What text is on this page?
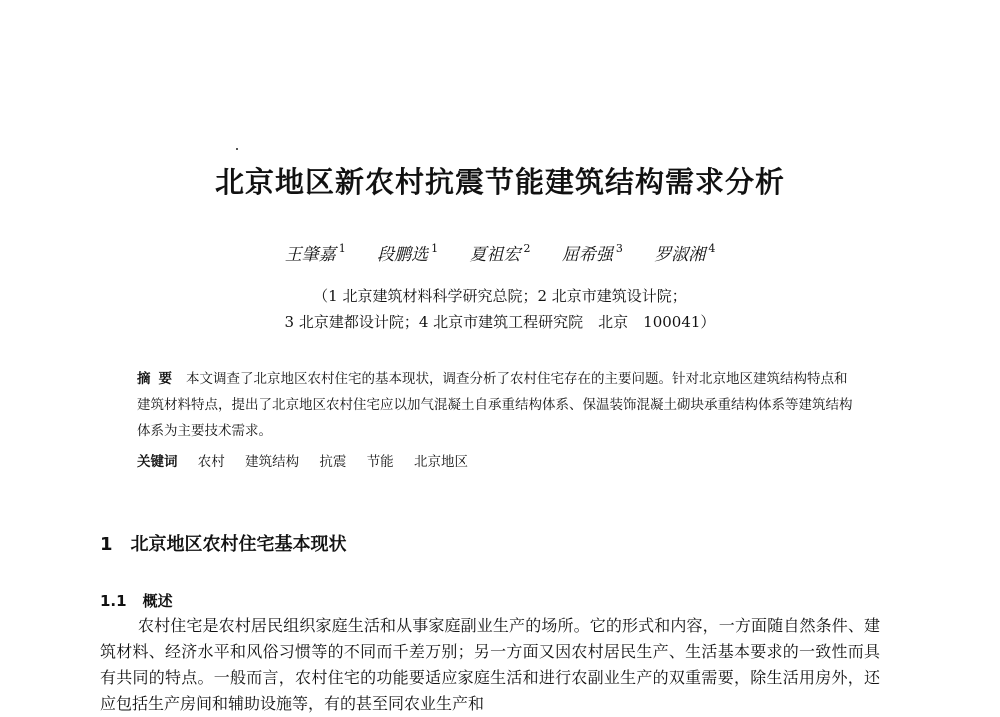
北京地区新农村抗震节能建筑结构需求分析
王肇嘉 $^1$ 段鹏选 $^1$ 夏祖宏 $^2$ 屈希强 $^3$ 罗淑湘 $^4$
（1 北京建筑材料科学研究总院；2 北京市建筑设计院；
3 北京建都设计院；4 北京市建筑工程研究院　北京　100041）
摘要 本文调查了北京地区农村住宅的基本现状，调查分析了农村住宅存在的主要问题。针对北京地区建筑结构特点和建筑材料特点，提出了北京地区农村住宅应以加气混凝土自承重结构体系、保温装饰混凝土砌块承重结构体系等建筑结构体系为主要技术需求。
关键词 农村 建筑结构 抗震 节能 北京地区
1 北京地区农村住宅基本现状
1.1 概述
农村住宅是农村居民组织家庭生活和从事家庭副业生产的场所。它的形式和内容，一方面随自然条件、建筑材料、经济水平和风俗习惯等的不同而千差万别；另一方面又因农村居民生产、生活基本要求的一致性而具有共同的特点。一般而言，农村住宅的功能要适应家庭生活和进行农副业生产的双重需要，除生活用房外，还应包括生产房间和辅助设施等，有的甚至同农业生产和
